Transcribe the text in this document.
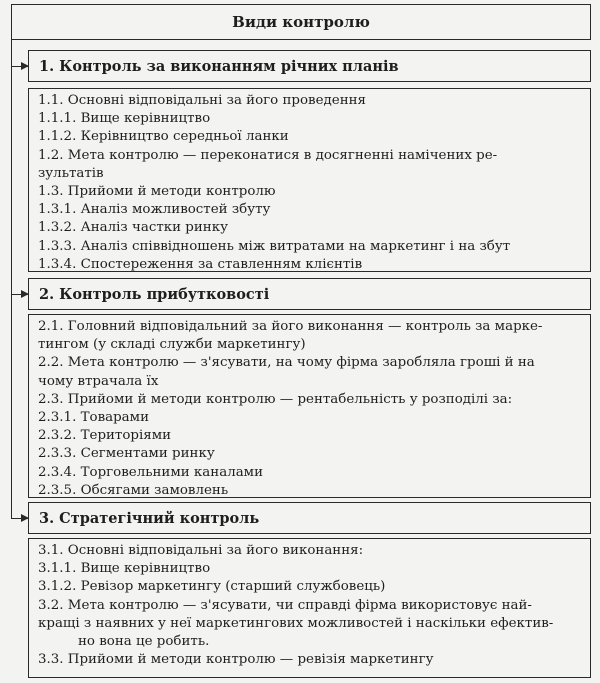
Види контролю
1. Контроль за виконанням річних планів
1.1. Основні відповідальні за його проведення
1.1.1. Вище керівництво
1.1.2. Керівництво середньої ланки
1.2. Мета контролю — переконатися в досягненні намічених ре-
зультатів
1.3. Прийоми й методи контролю
1.3.1. Аналіз можливостей збуту
1.3.2. Аналіз частки ринку
1.3.3. Аналіз співвідношень між витратами на маркетинг і на збут
1.3.4. Спостереження за ставленням клієнтів
2. Контроль прибутковості
2.1. Головний відповідальний за його виконання — контроль за марке-
тингом (у складі служби маркетингу)
2.2. Мета контролю — з'ясувати, на чому фірма заробляла гроші й на
чому втрачала їх
2.3. Прийоми й методи контролю — рентабельність у розподілі за:
2.3.1. Товарами
2.3.2. Територіями
2.3.3. Сегментами ринку
2.3.4. Торговельними каналами
2.3.5. Обсягами замовлень
3. Стратегічний контроль
3.1. Основні відповідальні за його виконання:
3.1.1. Вище керівництво
3.1.2. Ревізор маркетингу (старший службовець)
3.2. Мета контролю — з'ясувати, чи справді фірма використовує най-
кращі з наявних у неї маркетингових можливостей і наскільки ефектив-
но вона це робить.
3.3. Прийоми й методи контролю — ревізія маркетингу
